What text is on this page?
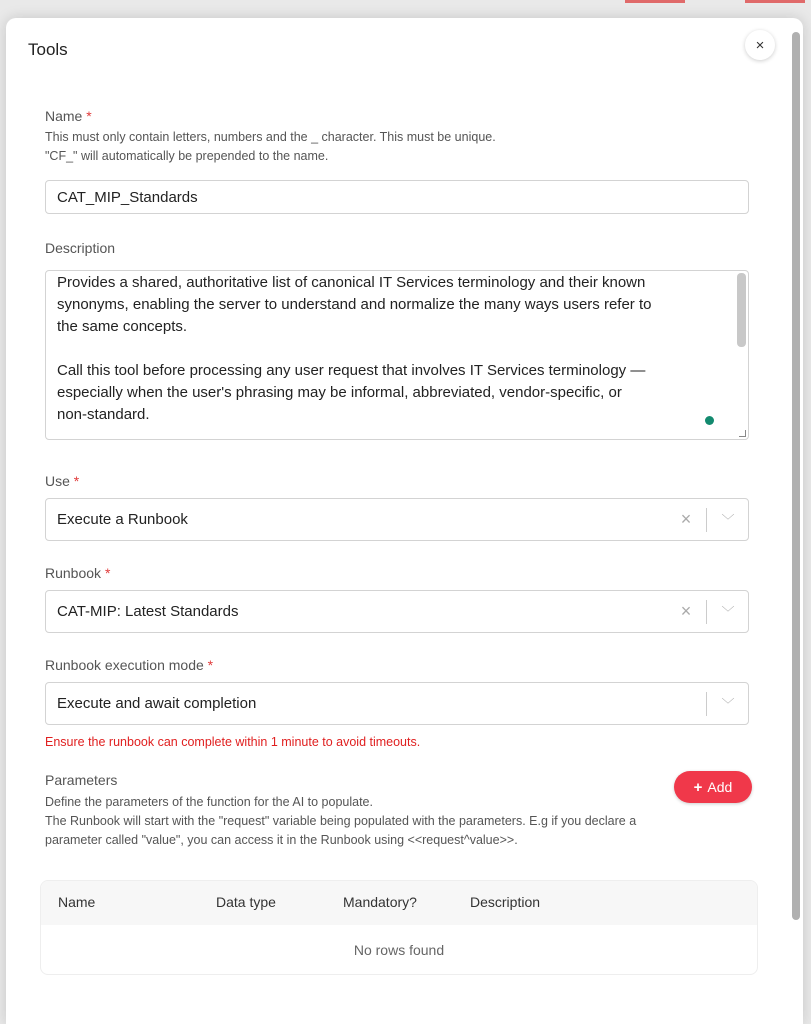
Tools	×
Name *
This must only contain letters, numbers and the _ character. This must be unique.
"CF_" will automatically be prepended to the name.
CAT_MIP_Standards
Description
Provides a shared, authoritative list of canonical IT Services terminology and their known
synonyms, enabling the server to understand and normalize the many ways users refer to
the same concepts.
Call this tool before processing any user request that involves IT Services terminology —
especially when the user's phrasing may be informal, abbreviated, vendor-specific, or
non-standard.
Use *
Execute a Runbook	×	﹀
Runbook *
CAT-MIP: Latest Standards	×	﹀
Runbook execution mode *
Execute and await completion	﹀
Ensure the runbook can complete within 1 minute to avoid timeouts.
Parameters
Define the parameters of the function for the AI to populate.
The Runbook will start with the "request" variable being populated with the parameters. E.g if you declare a
parameter called "value", you can access it in the Runbook using <<request^value>>.
+ Add
Name	Data type	Mandatory?	Description
No rows found
